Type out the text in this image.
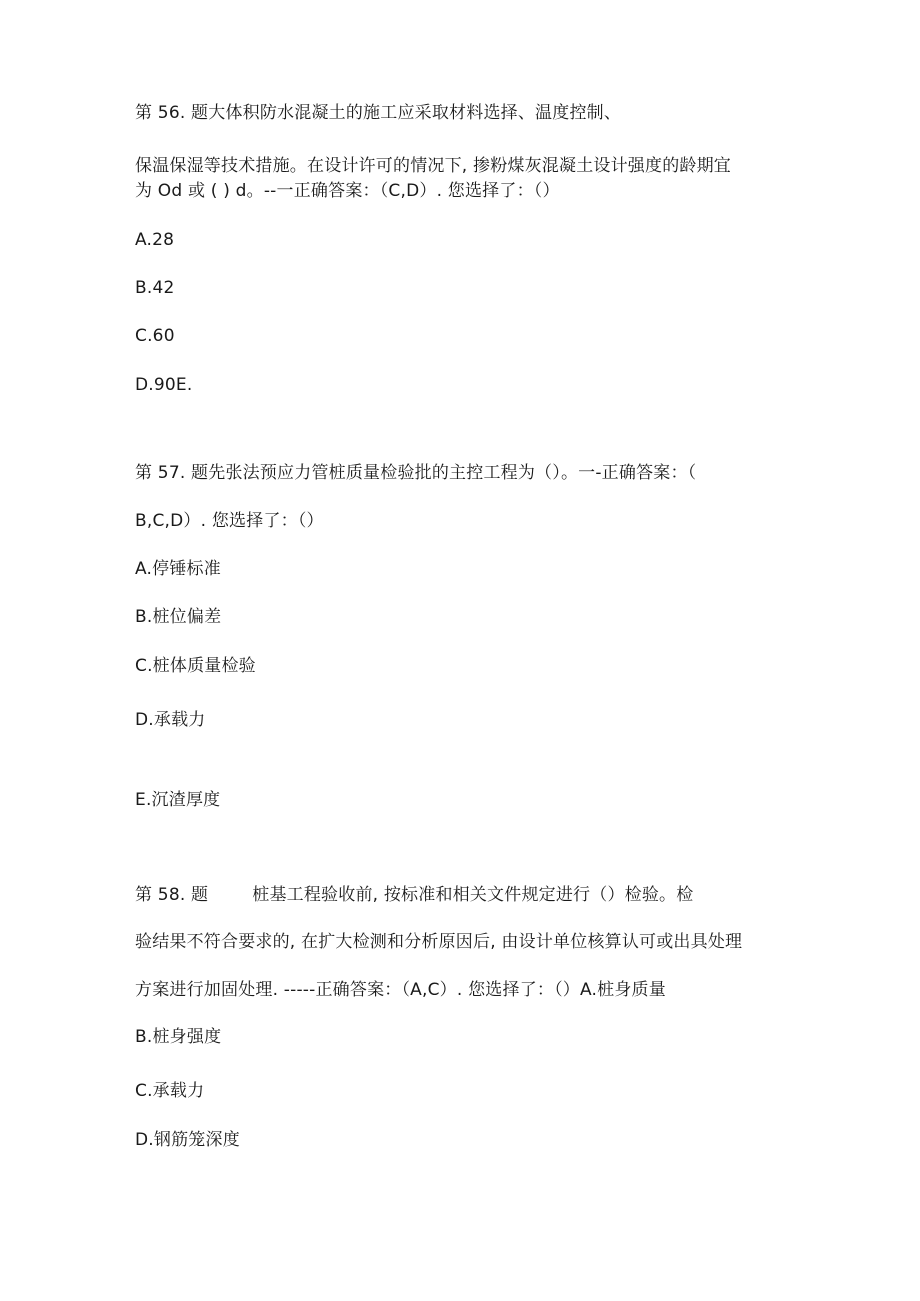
第 56. 题大体积防水混凝土的施工应采取材料选择、温度控制、
保温保湿等技术措施。在设计许可的情况下, 掺粉煤灰混凝土设计强度的龄期宜
为 Od 或 ( ) d。--一正确答案：（C,D）. 您选择了：（）
A.28
B.42
C.60
D.90E.
第 57. 题先张法预应力管桩质量检验批的主控工程为（）。一-正确答案：（
B,C,D）. 您选择了：（）
A.停锤标准
B.桩位偏差
C.桩体质量检验
D.承载力
E.沉渣厚度
第 58. 题	桩基工程验收前, 按标准和相关文件规定进行（）检验。检
验结果不符合要求的, 在扩大检测和分析原因后, 由设计单位核算认可或出具处理
方案进行加固处理. -----正确答案：（A,C）. 您选择了：（）A.桩身质量
B.桩身强度
C.承载力
D.钢筋笼深度
